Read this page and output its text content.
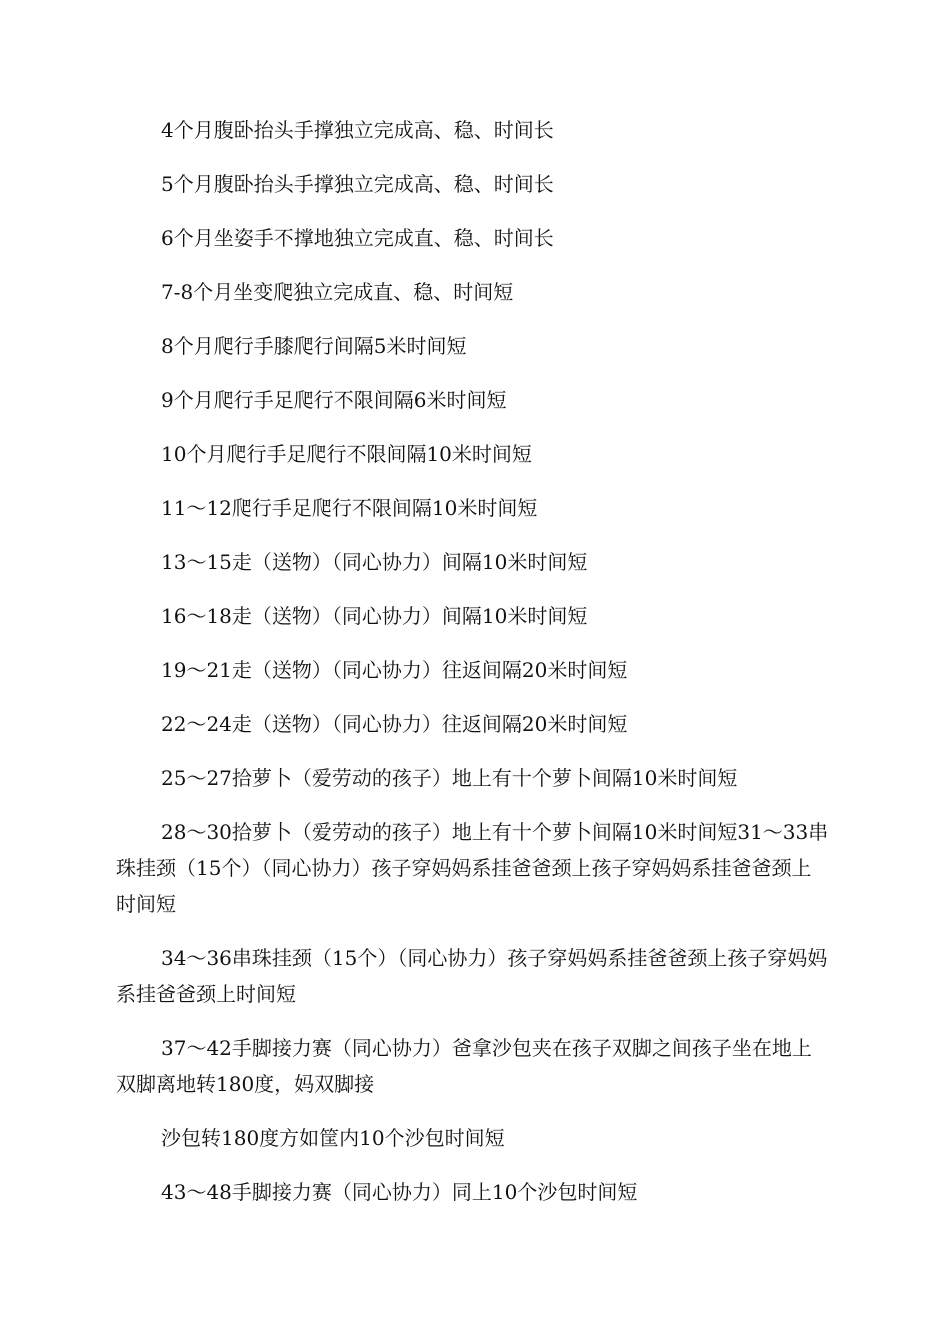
4个月腹卧抬头手撑独立完成高、稳、时间长

5个月腹卧抬头手撑独立完成高、稳、时间长

6个月坐姿手不撑地独立完成直、稳、时间长

7-8个月坐变爬独立完成直、稳、时间短

8个月爬行手膝爬行间隔5米时间短

9个月爬行手足爬行不限间隔6米时间短

10个月爬行手足爬行不限间隔10米时间短

11～12爬行手足爬行不限间隔10米时间短

13～15走（送物）（同心协力）间隔10米时间短

16～18走（送物）（同心协力）间隔10米时间短

19～21走（送物）（同心协力）往返间隔20米时间短

22～24走（送物）（同心协力）往返间隔20米时间短

25～27拾萝卜（爱劳动的孩子）地上有十个萝卜间隔10米时间短

28～30拾萝卜（爱劳动的孩子）地上有十个萝卜间隔10米时间短31～33串珠挂颈（15个）（同心协力）孩子穿妈妈系挂爸爸颈上孩子穿妈妈系挂爸爸颈上时间短

34～36串珠挂颈（15个）（同心协力）孩子穿妈妈系挂爸爸颈上孩子穿妈妈系挂爸爸颈上时间短

37～42手脚接力赛（同心协力）爸拿沙包夹在孩子双脚之间孩子坐在地上双脚离地转180度，妈双脚接

沙包转180度方如筐内10个沙包时间短

43～48手脚接力赛（同心协力）同上10个沙包时间短
